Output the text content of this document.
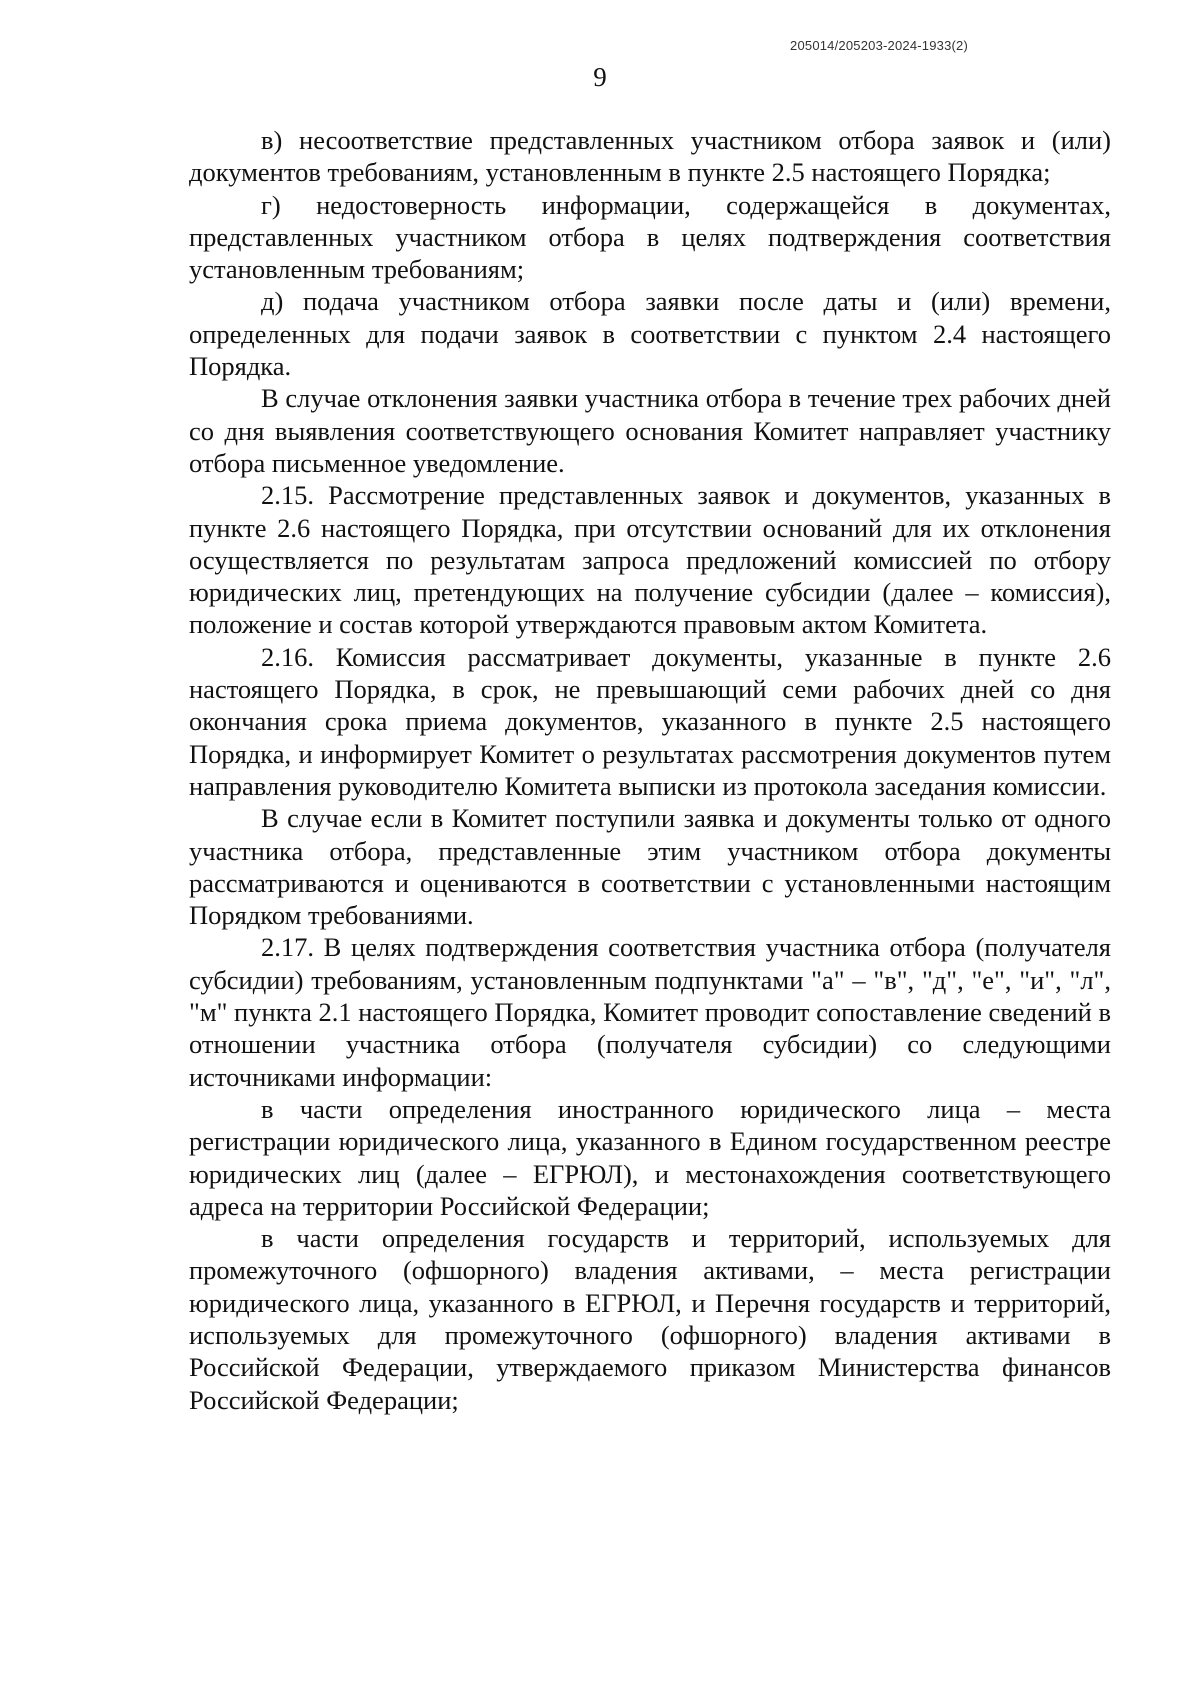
205014/205203-2024-1933(2)
9

в) несоответствие представленных участником отбора заявок и (или) документов требованиям, установленным в пункте 2.5 настоящего Порядка;

г) недостоверность информации, содержащейся в документах, представленных участником отбора в целях подтверждения соответствия установленным требованиям;

д) подача участником отбора заявки после даты и (или) времени, определенных для подачи заявок в соответствии с пунктом 2.4 настоящего Порядка.

В случае отклонения заявки участника отбора в течение трех рабочих дней со дня выявления соответствующего основания Комитет направляет участнику отбора письменное уведомление.

2.15. Рассмотрение представленных заявок и документов, указанных в пункте 2.6 настоящего Порядка, при отсутствии оснований для их отклонения осуществляется по результатам запроса предложений комиссией по отбору юридических лиц, претендующих на получение субсидии (далее – комиссия), положение и состав которой утверждаются правовым актом Комитета.

2.16. Комиссия рассматривает документы, указанные в пункте 2.6 настоящего Порядка, в срок, не превышающий семи рабочих дней со дня окончания срока приема документов, указанного в пункте 2.5 настоящего Порядка, и информирует Комитет о результатах рассмотрения документов путем направления руководителю Комитета выписки из протокола заседания комиссии.

В случае если в Комитет поступили заявка и документы только от одного участника отбора, представленные этим участником отбора документы рассматриваются и оцениваются в соответствии с установленными настоящим Порядком требованиями.

2.17. В целях подтверждения соответствия участника отбора (получателя субсидии) требованиям, установленным подпунктами "а" – "в", "д", "е", "и", "л", "м" пункта 2.1 настоящего Порядка, Комитет проводит сопоставление сведений в отношении участника отбора (получателя субсидии) со следующими источниками информации:

в части определения иностранного юридического лица – места регистрации юридического лица, указанного в Едином государственном реестре юридических лиц (далее – ЕГРЮЛ), и местонахождения соответствующего адреса на территории Российской Федерации;

в части определения государств и территорий, используемых для промежуточного (офшорного) владения активами, – места регистрации юридического лица, указанного в ЕГРЮЛ, и Перечня государств и территорий, используемых для промежуточного (офшорного) владения активами в Российской Федерации, утверждаемого приказом Министерства финансов Российской Федерации;
